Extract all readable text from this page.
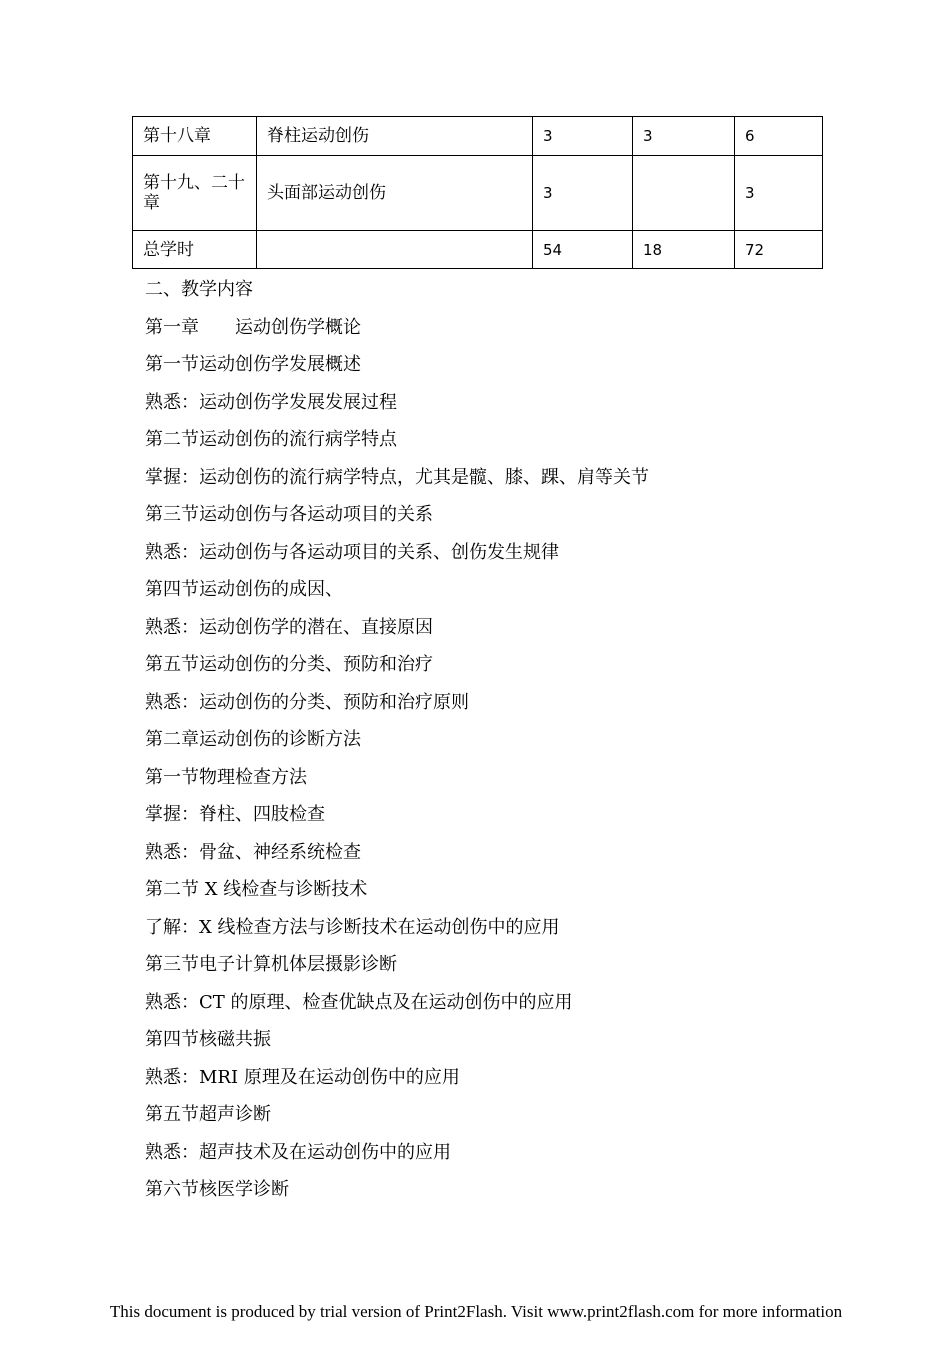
第十八章	脊柱运动创伤	3	3	6
第十九、二十章	头面部运动创伤	3		3
总学时		54	18	72
二、教学内容
第一章　　运动创伤学概论
第一节运动创伤学发展概述
熟悉：运动创伤学发展发展过程
第二节运动创伤的流行病学特点
掌握：运动创伤的流行病学特点，尤其是髋、膝、踝、肩等关节
第三节运动创伤与各运动项目的关系
熟悉：运动创伤与各运动项目的关系、创伤发生规律
第四节运动创伤的成因、
熟悉：运动创伤学的潜在、直接原因
第五节运动创伤的分类、预防和治疗
熟悉：运动创伤的分类、预防和治疗原则
第二章运动创伤的诊断方法
第一节物理检查方法
掌握：脊柱、四肢检查
熟悉：骨盆、神经系统检查
第二节 X 线检查与诊断技术
了解：X 线检查方法与诊断技术在运动创伤中的应用
第三节电子计算机体层摄影诊断
熟悉：CT 的原理、检查优缺点及在运动创伤中的应用
第四节核磁共振
熟悉：MRI 原理及在运动创伤中的应用
第五节超声诊断
熟悉：超声技术及在运动创伤中的应用
第六节核医学诊断
This document is produced by trial version of Print2Flash. Visit www.print2flash.com for more information
